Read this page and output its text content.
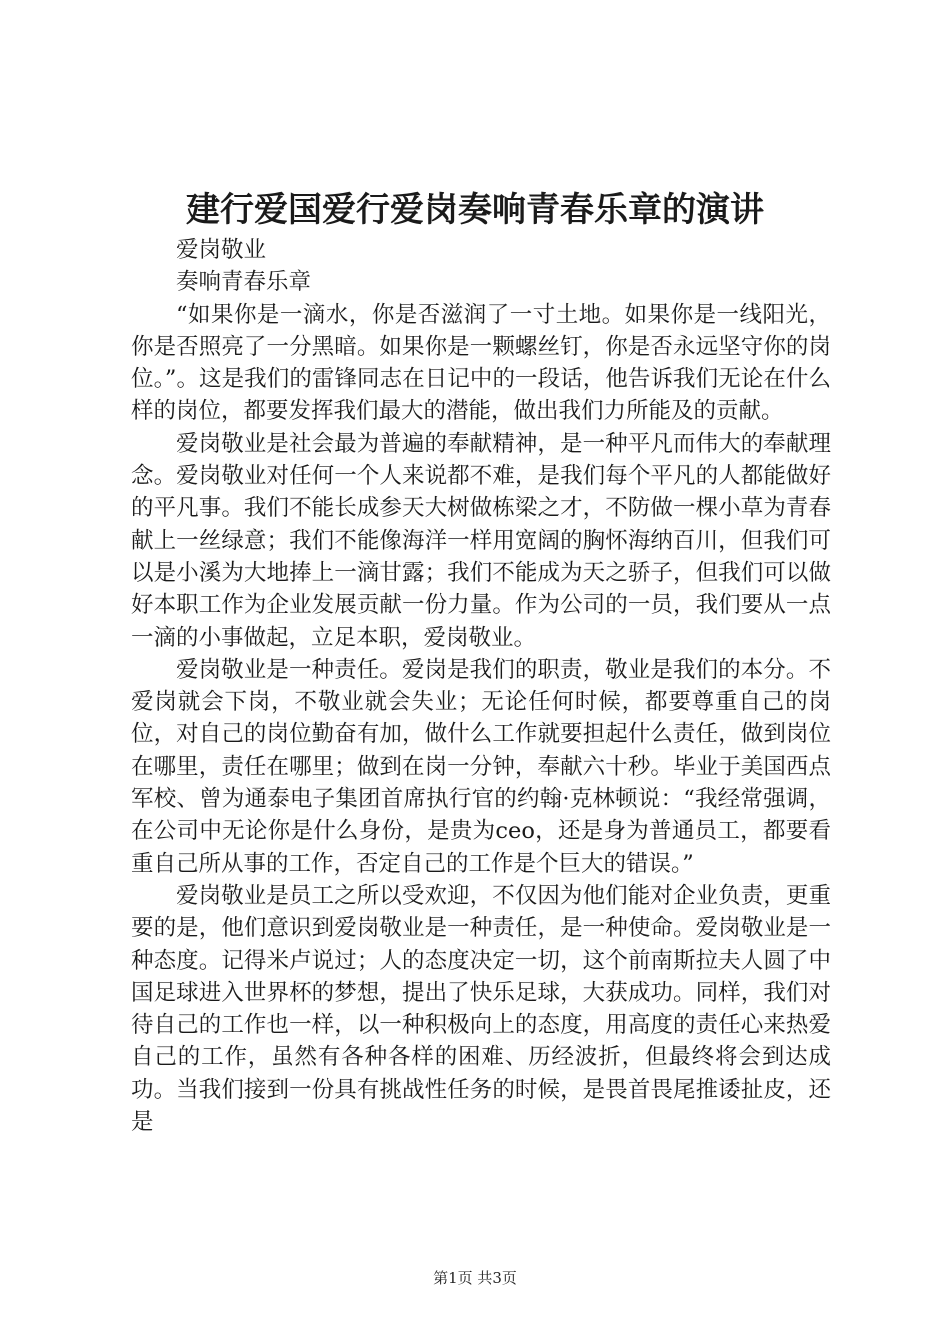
建行爱国爱行爱岗奏响青春乐章的演讲

爱岗敬业

奏响青春乐章

“如果你是一滴水，你是否滋润了一寸土地。如果你是一线阳光，你是否照亮了一分黑暗。如果你是一颗螺丝钉，你是否永远坚守你的岗位。”。这是我们的雷锋同志在日记中的一段话，他告诉我们无论在什么样的岗位，都要发挥我们最大的潜能，做出我们力所能及的贡献。

爱岗敬业是社会最为普遍的奉献精神，是一种平凡而伟大的奉献理念。爱岗敬业对任何一个人来说都不难，是我们每个平凡的人都能做好的平凡事。我们不能长成参天大树做栋梁之才，不防做一棵小草为青春献上一丝绿意；我们不能像海洋一样用宽阔的胸怀海纳百川，但我们可以是小溪为大地捧上一滴甘露；我们不能成为天之骄子，但我们可以做好本职工作为企业发展贡献一份力量。作为公司的一员，我们要从一点一滴的小事做起，立足本职，爱岗敬业。

爱岗敬业是一种责任。爱岗是我们的职责，敬业是我们的本分。不爱岗就会下岗，不敬业就会失业；无论任何时候，都要尊重自己的岗位，对自己的岗位勤奋有加，做什么工作就要担起什么责任，做到岗位在哪里，责任在哪里；做到在岗一分钟，奉献六十秒。毕业于美国西点军校、曾为通泰电子集团首席执行官的约翰·克林顿说：“我经常强调，在公司中无论你是什么身份，是贵为ceo，还是身为普通员工，都要看重自己所从事的工作，否定自己的工作是个巨大的错误。”

爱岗敬业是员工之所以受欢迎，不仅因为他们能对企业负责，更重要的是，他们意识到爱岗敬业是一种责任，是一种使命。爱岗敬业是一种态度。记得米卢说过；人的态度决定一切，这个前南斯拉夫人圆了中国足球进入世界杯的梦想，提出了快乐足球，大获成功。同样，我们对待自己的工作也一样，以一种积极向上的态度，用高度的责任心来热爱自己的工作，虽然有各种各样的困难、历经波折，但最终将会到达成功。当我们接到一份具有挑战性任务的时候，是畏首畏尾推诿扯皮，还是

第1页 共3页
